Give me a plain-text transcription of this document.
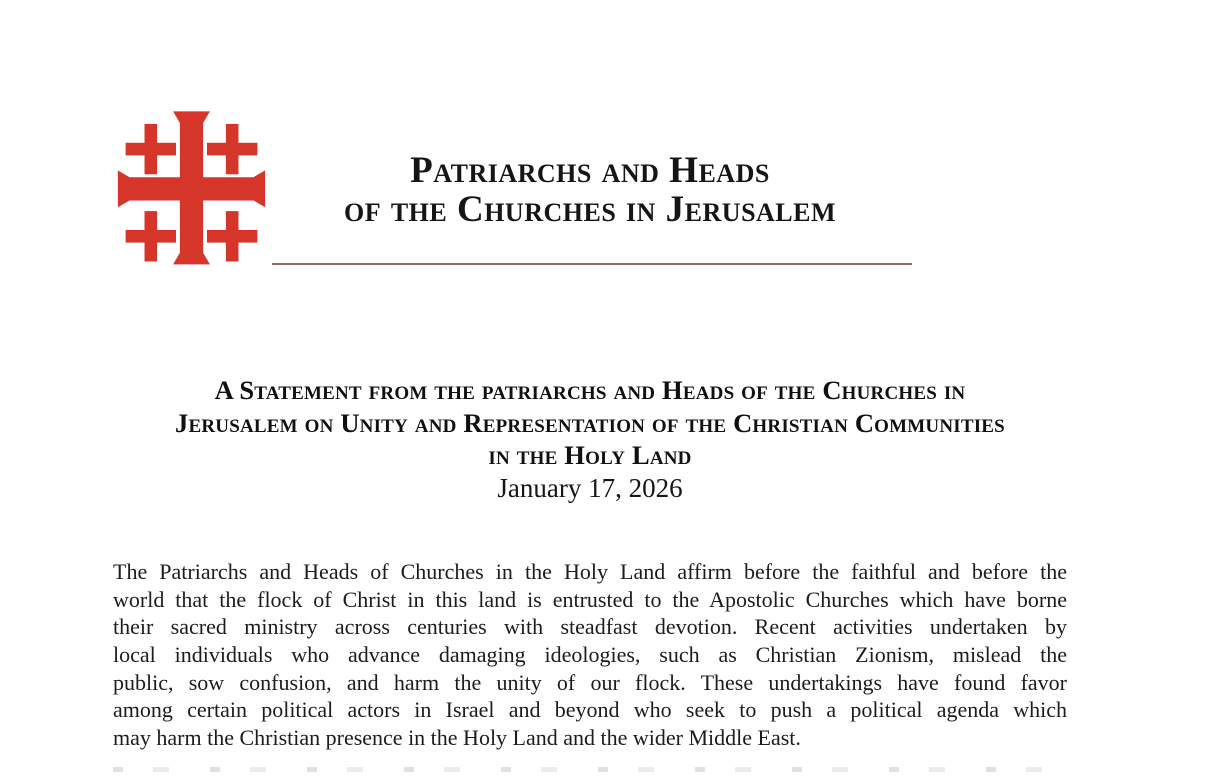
Patriarchs and Heads
of the Churches in Jerusalem
A Statement from the patriarchs and Heads of the Churches in
Jerusalem on Unity and Representation of the Christian Communities
in the Holy Land
January 17, 2026
The Patriarchs and Heads of Churches in the Holy Land affirm before the faithful and before the
world that the flock of Christ in this land is entrusted to the Apostolic Churches which have borne
their sacred ministry across centuries with steadfast devotion. Recent activities undertaken by
local individuals who advance damaging ideologies, such as Christian Zionism, mislead the
public, sow confusion, and harm the unity of our flock. These undertakings have found favor
among certain political actors in Israel and beyond who seek to push a political agenda which
may harm the Christian presence in the Holy Land and the wider Middle East.
